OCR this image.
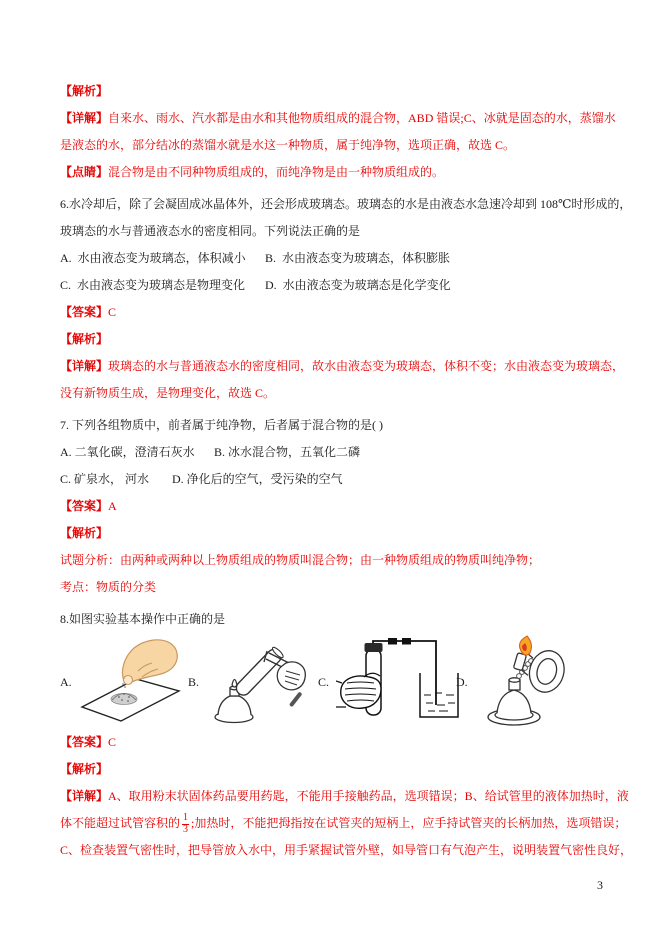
【解析】
【详解】自来水、雨水、汽水都是由水和其他物质组成的混合物，ABD 错误;C、冰就是固态的水，蒸馏水
是液态的水，部分结冰的蒸馏水就是水这一种物质，属于纯净物，选项正确，故选 C。
【点睛】混合物是由不同种物质组成的，而纯净物是由一种物质组成的。
6.水冷却后，除了会凝固成冰晶体外，还会形成玻璃态。玻璃态的水是由液态水急速冷却到 108℃时形成的，
玻璃态的水与普通液态水的密度相同。下列说法正确的是
A.  水由液态变为玻璃态，体积减小 B.  水由液态变为玻璃态，体积膨胀
C.  水由液态变为玻璃态是物理变化 D.  水由液态变为玻璃态是化学变化
【答案】C
【解析】
【详解】玻璃态的水与普通液态水的密度相同，故水由液态变为玻璃态，体积不变；水由液态变为玻璃态，
没有新物质生成，是物理变化，故选 C。
7. 下列各组物质中，前者属于纯净物，后者属于混合物的是( )
A. 二氧化碳，澄清石灰水 B. 冰水混合物，五氧化二磷
C. 矿泉水， 河水 D. 净化后的空气，受污染的空气
【答案】A
【解析】
试题分析：由两种或两种以上物质组成的物质叫混合物；由一种物质组成的物质叫纯净物；
考点：物质的分类
8.如图实验基本操作中正确的是
A.	B.	C.	D.
【答案】C
【解析】
【详解】A、取用粉末状固体药品要用药匙，不能用手接触药品，选项错误；B、给试管里的液体加热时，液
体不能超过试管容积的 $\frac{1}{3}$ ;加热时，不能把拇指按在试管夹的短柄上，应手持试管夹的长柄加热，选项错误；
C、检查装置气密性时，把导管放入水中，用手紧握试管外壁，如导管口有气泡产生，说明装置气密性良好，
3
